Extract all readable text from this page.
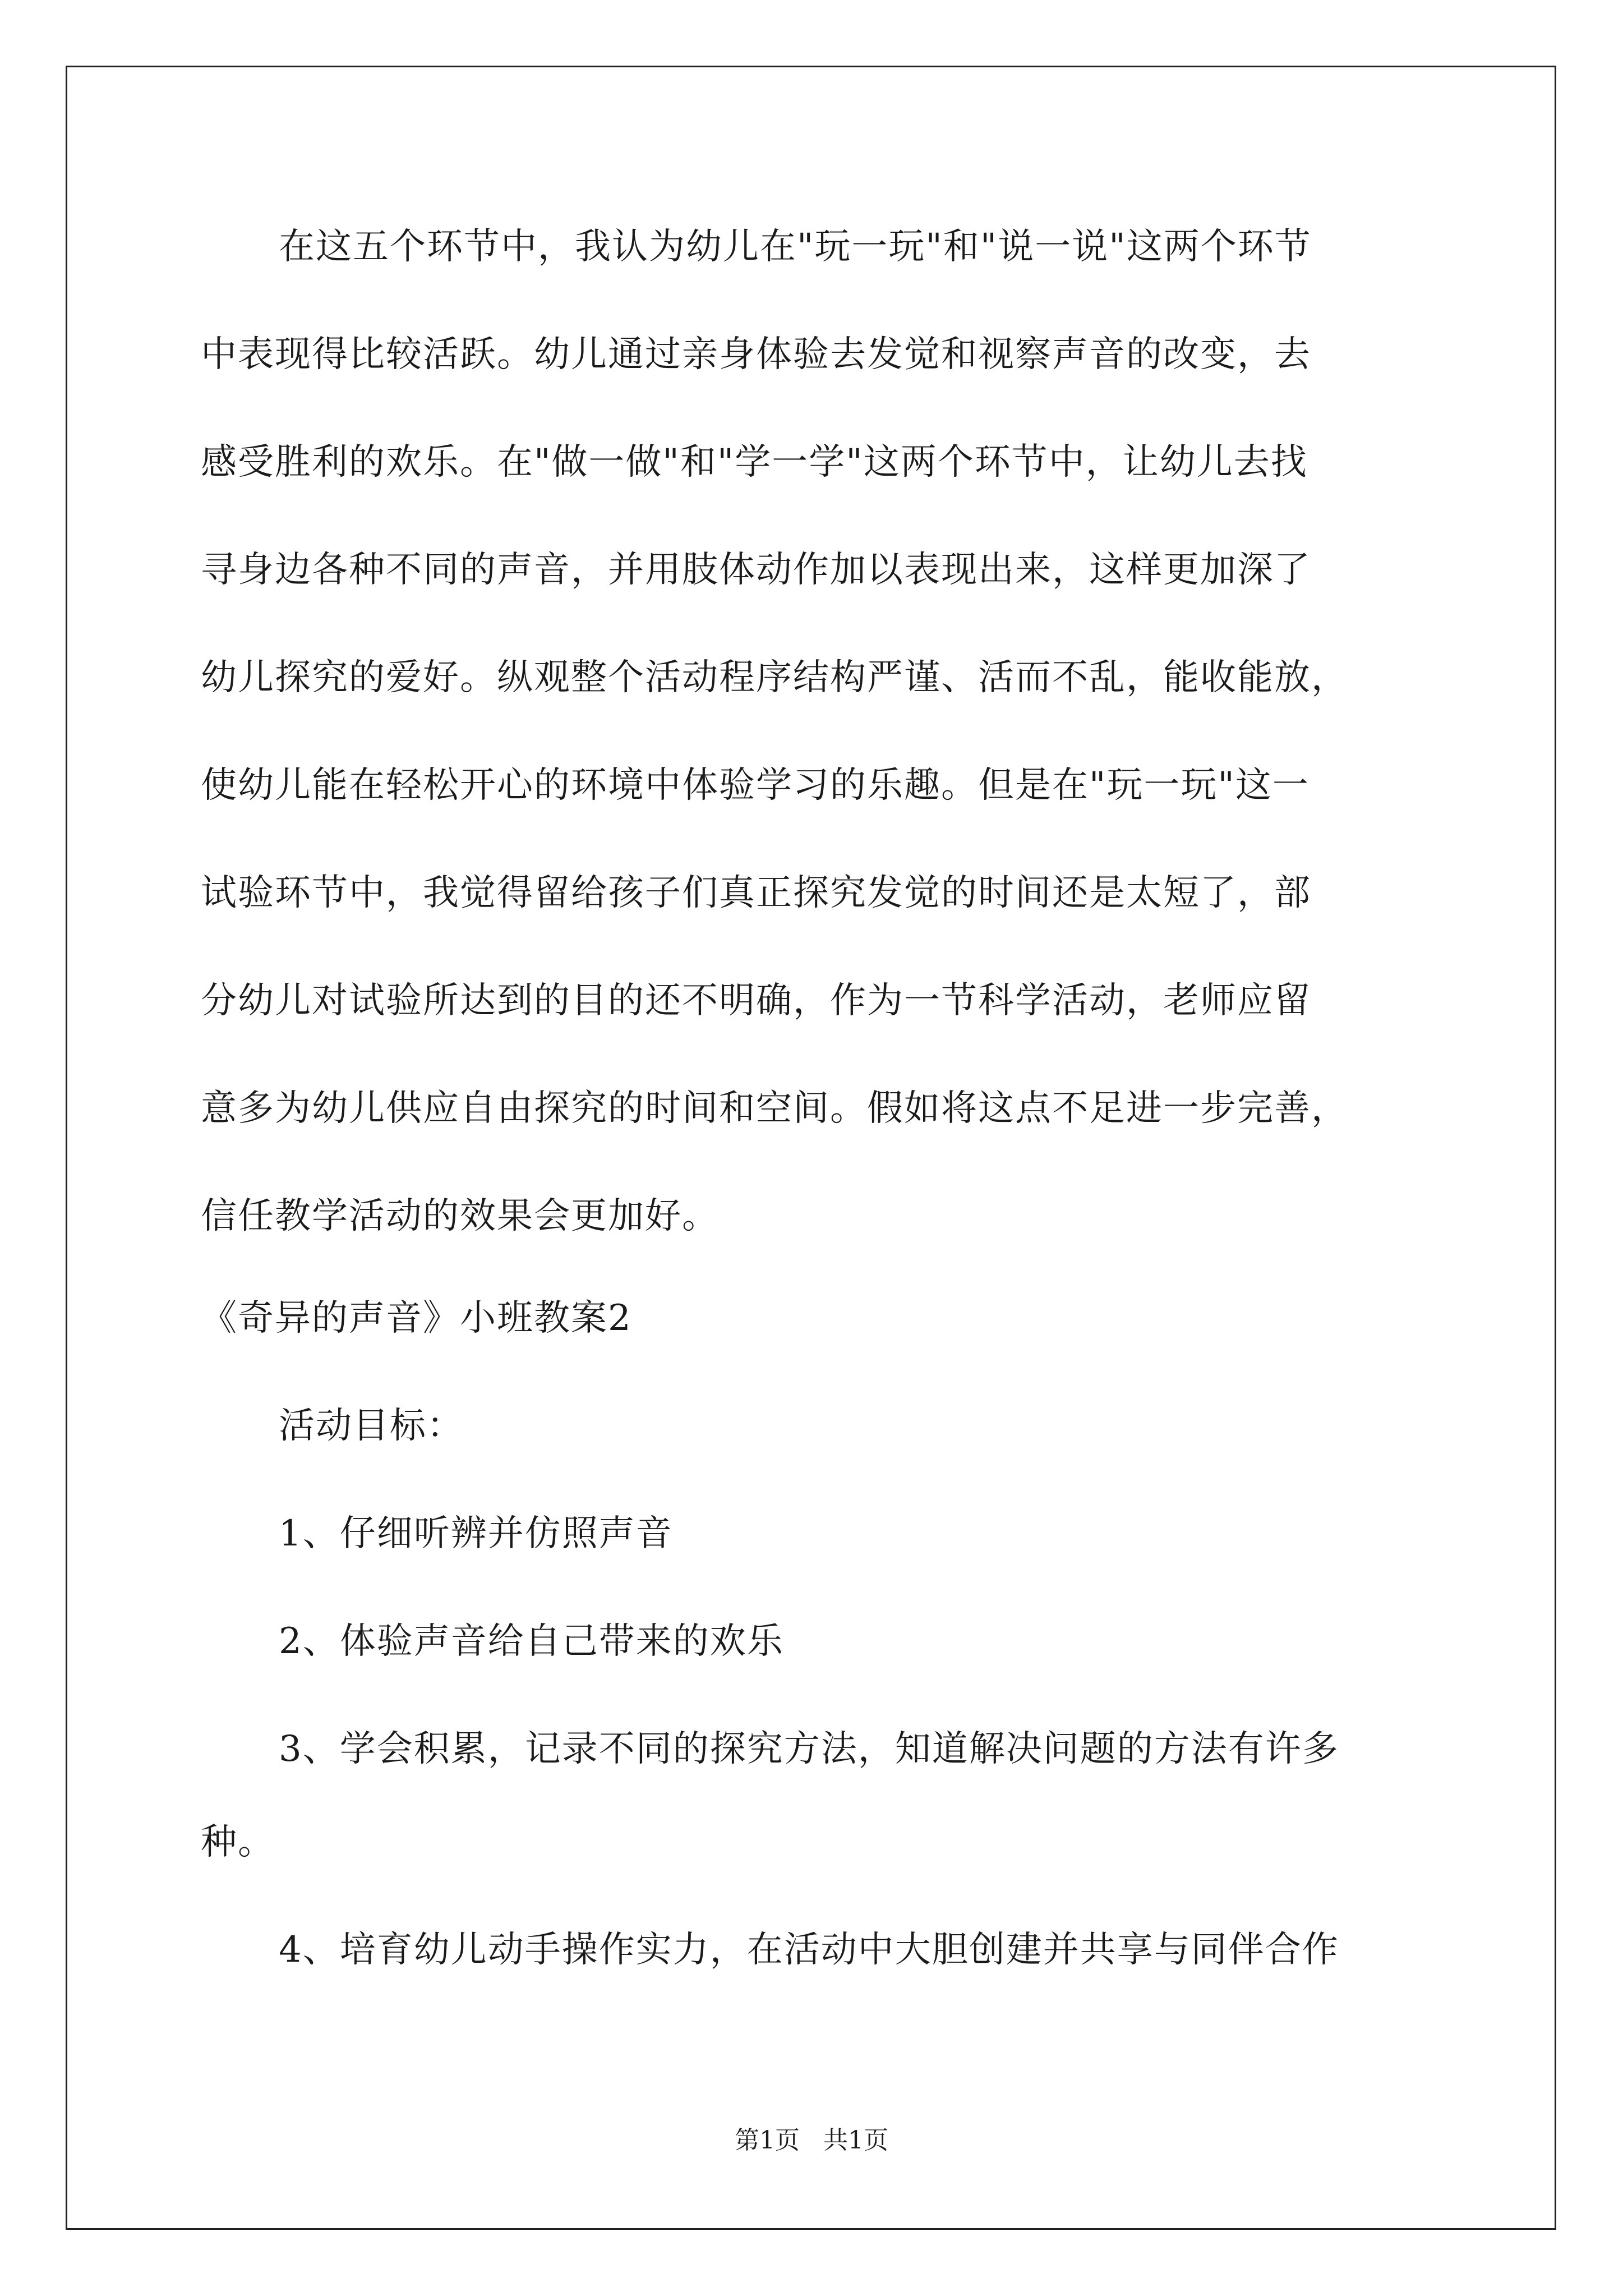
在这五个环节中，我认为幼儿在"玩一玩"和"说一说"这两个环节
中表现得比较活跃。幼儿通过亲身体验去发觉和视察声音的改变，去
感受胜利的欢乐。在"做一做"和"学一学"这两个环节中，让幼儿去找
寻身边各种不同的声音，并用肢体动作加以表现出来，这样更加深了
幼儿探究的爱好。纵观整个活动程序结构严谨、活而不乱，能收能放，
使幼儿能在轻松开心的环境中体验学习的乐趣。但是在"玩一玩"这一
试验环节中，我觉得留给孩子们真正探究发觉的时间还是太短了，部
分幼儿对试验所达到的目的还不明确，作为一节科学活动，老师应留
意多为幼儿供应自由探究的时间和空间。假如将这点不足进一步完善，
信任教学活动的效果会更加好。
《奇异的声音》小班教案2
活动目标：
1、仔细听辨并仿照声音
2、体验声音给自己带来的欢乐
3、学会积累，记录不同的探究方法，知道解决问题的方法有许多
种。
4、培育幼儿动手操作实力，在活动中大胆创建并共享与同伴合作
第1页   共1页
